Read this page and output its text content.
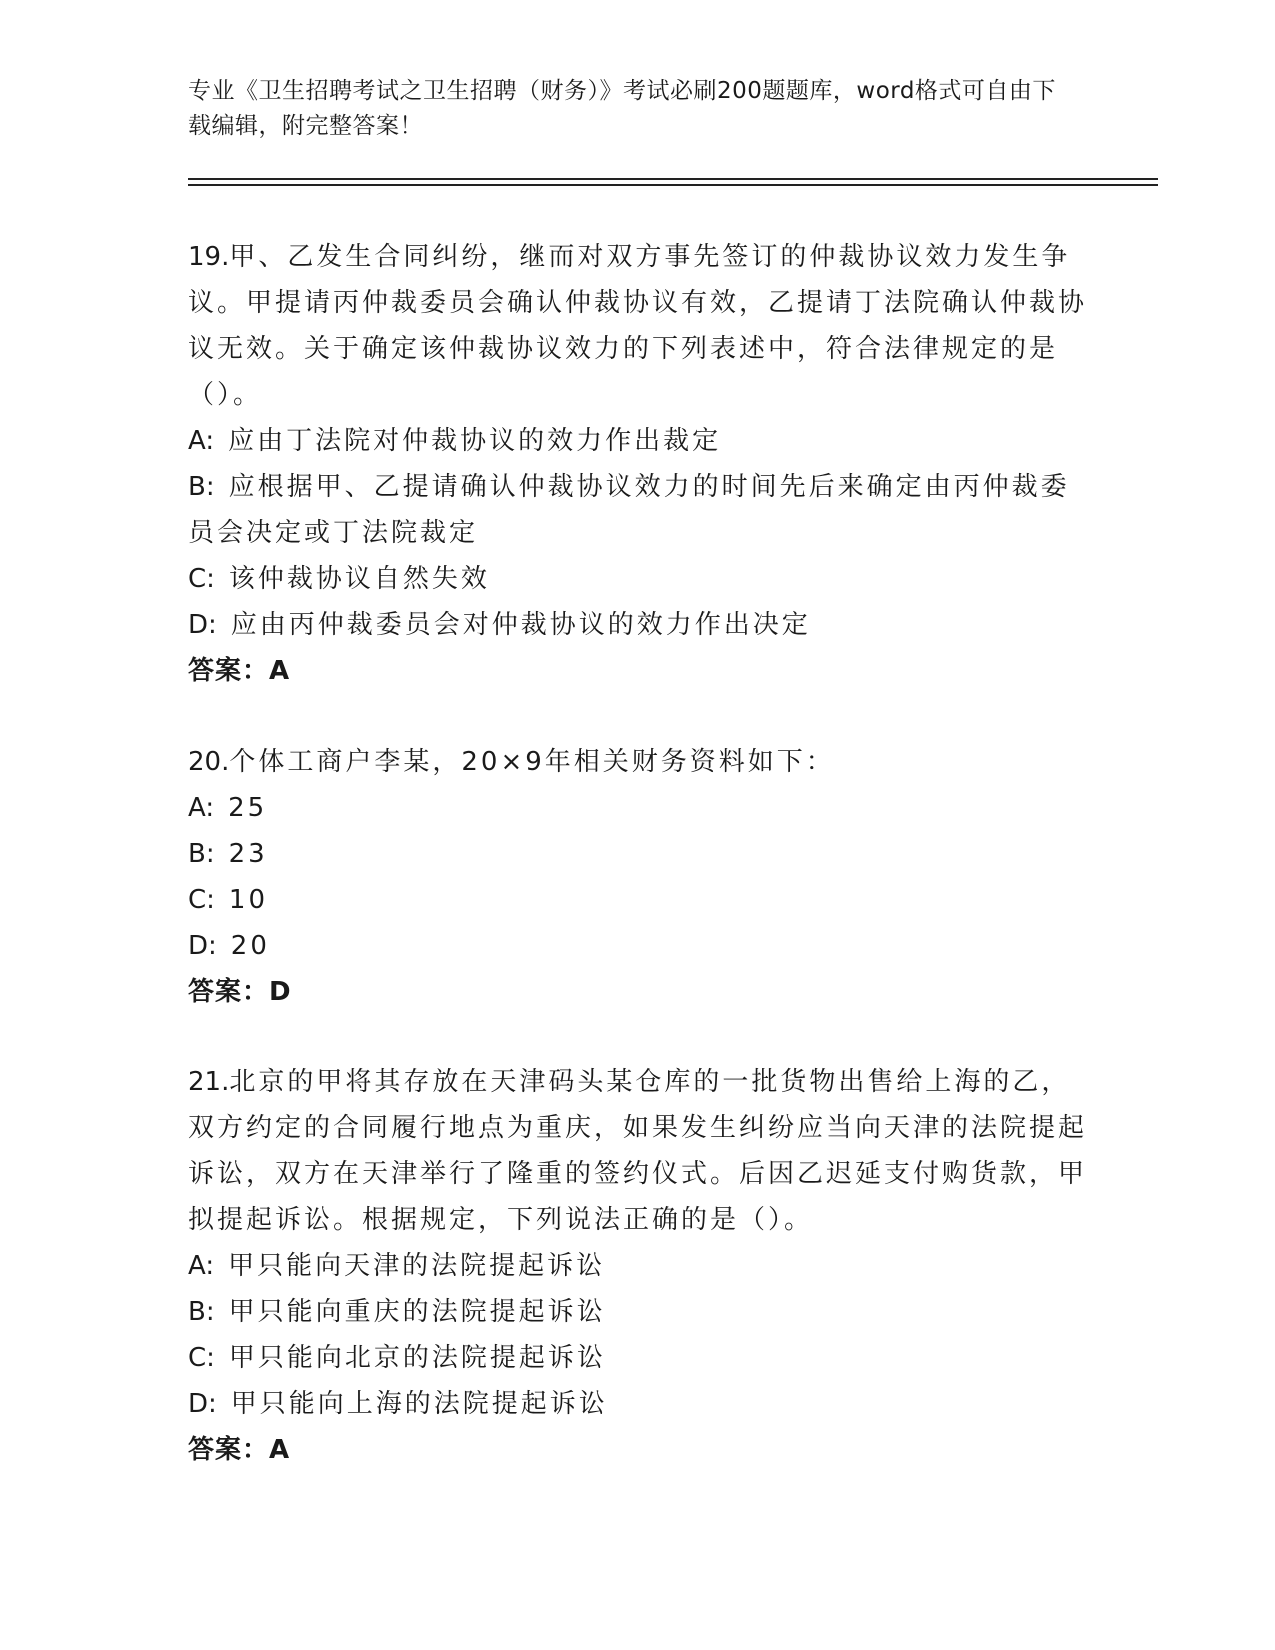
专业《卫生招聘考试之卫生招聘（财务）》考试必刷200题题库，word格式可自由下载编辑，附完整答案！
19.甲、乙发生合同纠纷，继而对双方事先签订的仲裁协议效力发生争议。甲提请丙仲裁委员会确认仲裁协议有效，乙提请丁法院确认仲裁协议无效。关于确定该仲裁协议效力的下列表述中，符合法律规定的是（）。
A: 应由丁法院对仲裁协议的效力作出裁定
B: 应根据甲、乙提请确认仲裁协议效力的时间先后来确定由丙仲裁委员会决定或丁法院裁定
C: 该仲裁协议自然失效
D: 应由丙仲裁委员会对仲裁协议的效力作出决定
答案：A
20.个体工商户李某，20×9年相关财务资料如下：
A: 25
B: 23
C: 10
D: 20
答案：D
21.北京的甲将其存放在天津码头某仓库的一批货物出售给上海的乙，双方约定的合同履行地点为重庆，如果发生纠纷应当向天津的法院提起诉讼，双方在天津举行了隆重的签约仪式。后因乙迟延支付购货款，甲拟提起诉讼。根据规定，下列说法正确的是（）。
A: 甲只能向天津的法院提起诉讼
B: 甲只能向重庆的法院提起诉讼
C: 甲只能向北京的法院提起诉讼
D: 甲只能向上海的法院提起诉讼
答案：A
